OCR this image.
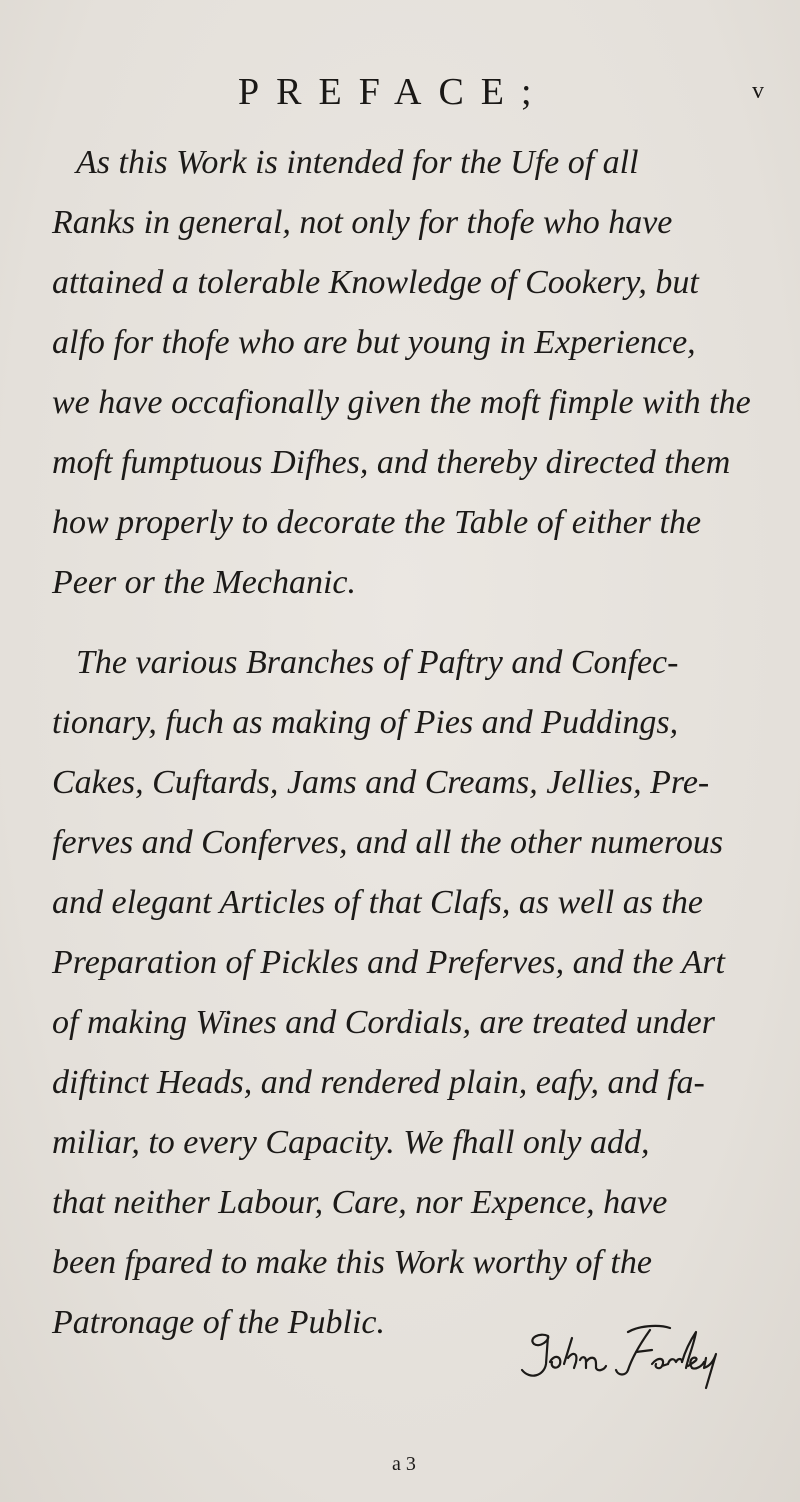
PREFACE;	v
As this Work is intended for the Ufe of all
Ranks in general, not only for thofe who have
attained a tolerable Knowledge of Cookery, but
alfo for thofe who are but young in Experience,
we have occafionally given the moft fimple with the
moft fumptuous Difhes, and thereby directed them
how properly to decorate the Table of either the
Peer or the Mechanic.
The various Branches of Paftry and Confec-
tionary, fuch as making of Pies and Puddings,
Cakes, Cuftards, Jams and Creams, Jellies, Pre-
ferves and Conferves, and all the other numerous
and elegant Articles of that Clafs, as well as the
Preparation of Pickles and Preferves, and the Art
of making Wines and Cordials, are treated under
diftinct Heads, and rendered plain, eafy, and fa-
miliar, to every Capacity. We fhall only add,
that neither Labour, Care, nor Expence, have
been fpared to make this Work worthy of the
Patronage of the Public.
a 3
